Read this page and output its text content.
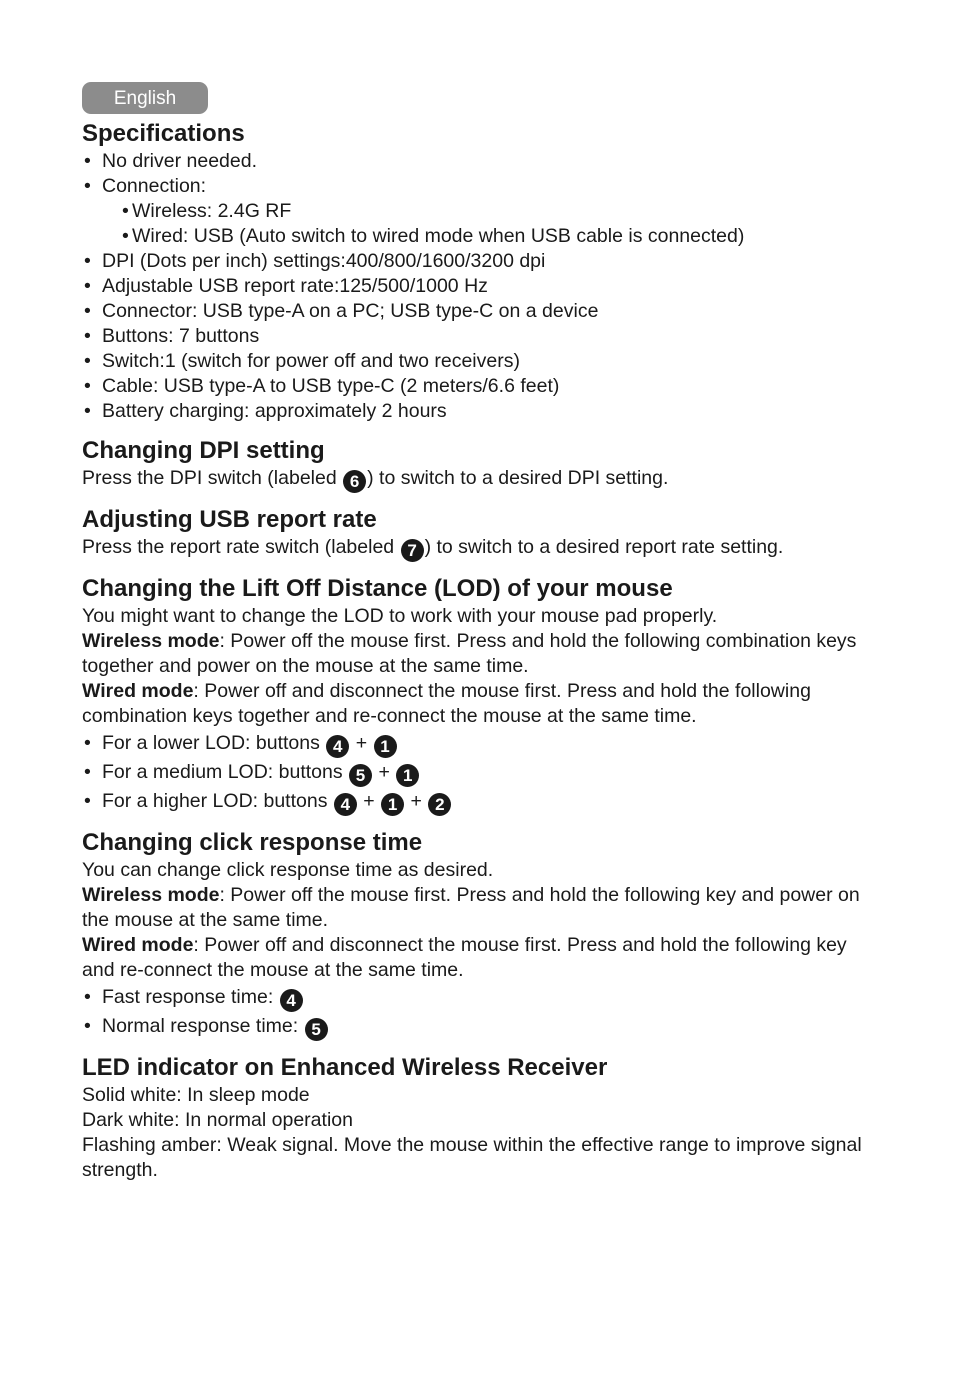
English
Specifications
• No driver needed.
• Connection:
• Wireless: 2.4G RF
• Wired: USB (Auto switch to wired mode when USB cable is connected)
• DPI (Dots per inch) settings:400/800/1600/3200 dpi
• Adjustable USB report rate:125/500/1000 Hz
• Connector: USB type-A on a PC; USB type-C on a device
• Buttons: 7 buttons
• Switch:1 (switch for power off and two receivers)
• Cable: USB type-A to USB type-C (2 meters/6.6 feet)
• Battery charging: approximately 2 hours
Changing DPI setting

Press the DPI switch (labeled 6 ) to switch to a desired DPI setting.

Adjusting USB report rate

Press the report rate switch (labeled 7 ) to switch to a desired report rate setting.

Changing the Lift Off Distance (LOD) of your mouse

You might want to change the LOD to work with your mouse pad properly.

Wireless mode: Power off the mouse first. Press and hold the following combination keys together and power on the mouse at the same time.

Wired mode: Power off and disconnect the mouse first. Press and hold the following combination keys together and re-connect the mouse at the same time.

• For a lower LOD: buttons 4 + 1
• For a medium LOD: buttons 5 + 1
• For a higher LOD: buttons 4 + 1 + 2
Changing click response time

You can change click response time as desired.

Wireless mode: Power off the mouse first. Press and hold the following key and power on the mouse at the same time.

Wired mode: Power off and disconnect the mouse first. Press and hold the following key and re-connect the mouse at the same time.

• Fast response time: 4
• Normal response time: 5
LED indicator on Enhanced Wireless Receiver

Solid white: In sleep mode

Dark white: In normal operation

Flashing amber: Weak signal. Move the mouse within the effective range to improve signal strength.
